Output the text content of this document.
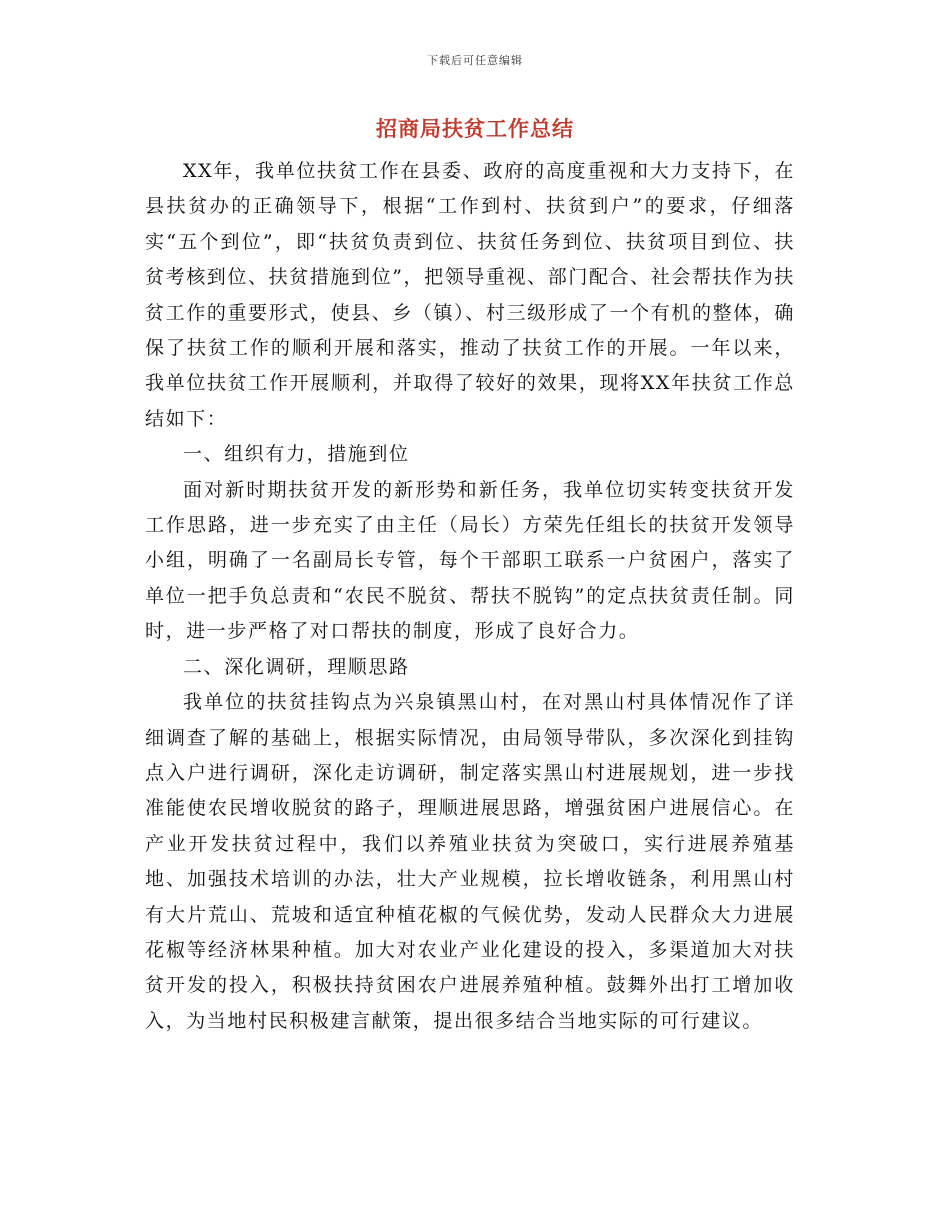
下载后可任意编辑
招商局扶贫工作总结

XX年，我单位扶贫工作在县委、政府的高度重视和大力支持下，在县扶贫办的正确领导下，根据“工作到村、扶贫到户”的要求，仔细落实“五个到位”，即“扶贫负责到位、扶贫任务到位、扶贫项目到位、扶贫考核到位、扶贫措施到位”，把领导重视、部门配合、社会帮扶作为扶贫工作的重要形式，使县、乡（镇）、村三级形成了一个有机的整体，确保了扶贫工作的顺利开展和落实，推动了扶贫工作的开展。一年以来，我单位扶贫工作开展顺利，并取得了较好的效果，现将XX年扶贫工作总结如下：

一、组织有力，措施到位

面对新时期扶贫开发的新形势和新任务，我单位切实转变扶贫开发工作思路，进一步充实了由主任（局长）方荣先任组长的扶贫开发领导小组，明确了一名副局长专管，每个干部职工联系一户贫困户，落实了单位一把手负总责和“农民不脱贫、帮扶不脱钩”的定点扶贫责任制。同时，进一步严格了对口帮扶的制度，形成了良好合力。

二、深化调研，理顺思路

我单位的扶贫挂钩点为兴泉镇黑山村，在对黑山村具体情况作了详细调查了解的基础上，根据实际情况，由局领导带队，多次深化到挂钩点入户进行调研，深化走访调研，制定落实黑山村进展规划，进一步找准能使农民增收脱贫的路子，理顺进展思路，增强贫困户进展信心。在产业开发扶贫过程中，我们以养殖业扶贫为突破口，实行进展养殖基地、加强技术培训的办法，壮大产业规模，拉长增收链条，利用黑山村有大片荒山、荒坡和适宜种植花椒的气候优势，发动人民群众大力进展花椒等经济林果种植。加大对农业产业化建设的投入，多渠道加大对扶贫开发的投入，积极扶持贫困农户进展养殖种植。鼓舞外出打工增加收入，为当地村民积极建言献策，提出很多结合当地实际的可行建议。
